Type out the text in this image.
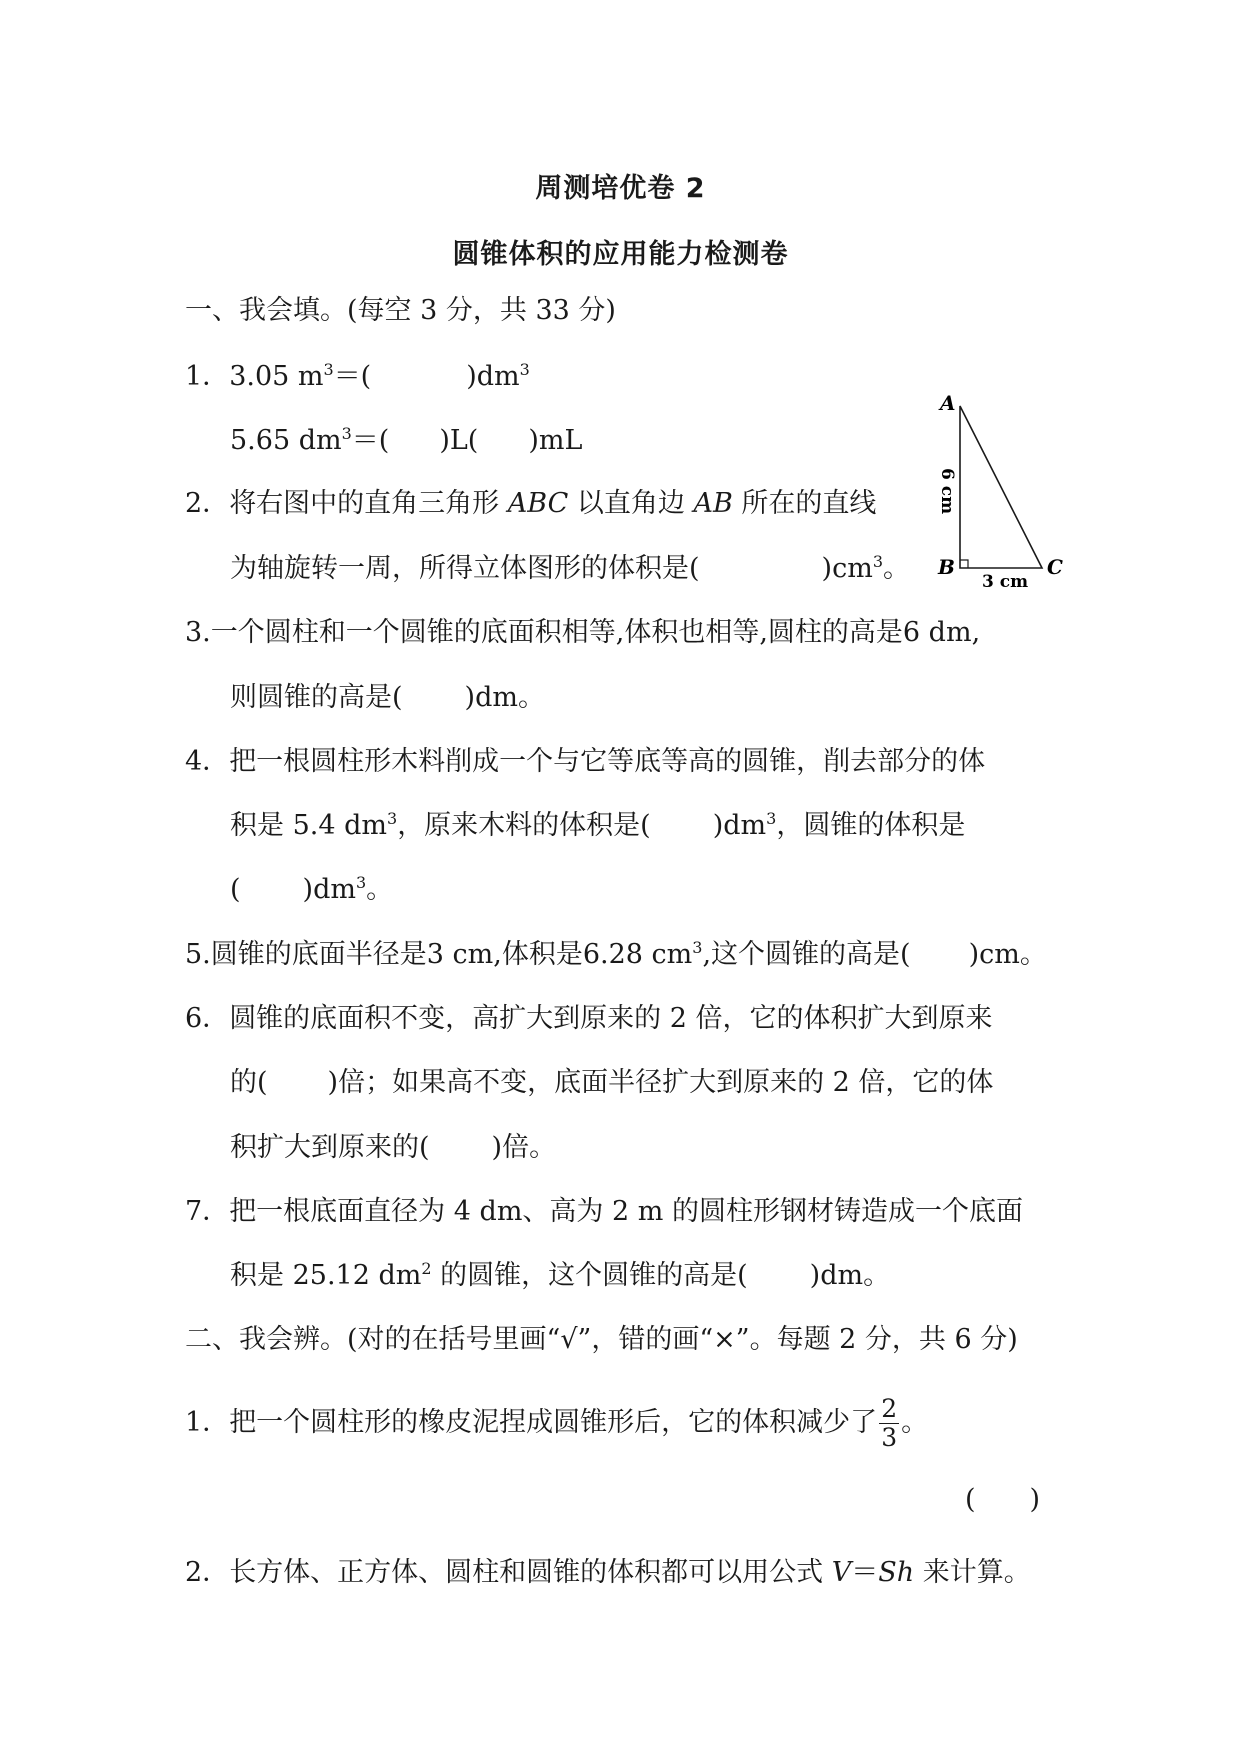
周测培优卷 2
圆锥体积的应用能力检测卷
一、我会填。(每空 3 分，共 33 分)
1．3.05 $m^3=$(	)$dm^3$
5.65 $dm^3=$( )L( )mL
2．将右图中的直角三角形 ABC 以直角边 AB 所在的直线
为轴旋转一周，所得立体图形的体积是(	)$cm^3$。
A
B	C
6 cm
3 cm
3.一个圆柱和一个圆锥的底面积相等,体积也相等,圆柱的高是6 dm,
则圆锥的高是( )dm。
4．把一根圆柱形木料削成一个与它等底等高的圆锥，削去部分的体
积是 5.4 $dm^3$，原来木料的体积是( )$dm^3$，圆锥的体积是
( )$dm^3$。
5.圆锥的底面半径是3 cm,体积是6.28 $cm^3$,这个圆锥的高是( )cm。
6．圆锥的底面积不变，高扩大到原来的 2 倍，它的体积扩大到原来
的( )倍；如果高不变，底面半径扩大到原来的 2 倍，它的体
积扩大到原来的( )倍。
7．把一根底面直径为 4 dm、高为 2 m 的圆柱形钢材铸造成一个底面
积是 25.12 $dm^2$ 的圆锥，这个圆锥的高是( )dm。
二、我会辨。(对的在括号里画“√”，错的画“×”。每题 2 分，共 6 分)
1．把一个圆柱形的橡皮泥捏成圆锥形后，它的体积减少了 $\frac{2}{3}$ 。
(　　)
2．长方体、正方体、圆柱和圆锥的体积都可以用公式 V＝Sh 来计算。
